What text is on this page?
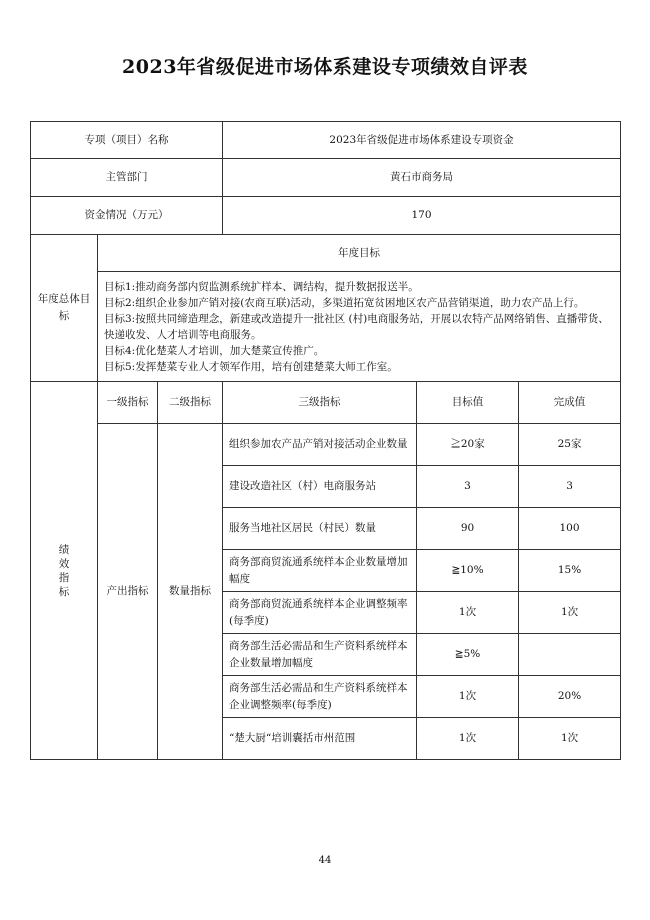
2023年省级促进市场体系建设专项绩效自评表
专项（项目）名称			2023年省级促进市场体系建设专项资金		
主管部门			黄石市商务局		
资金情况（万元）			170		
年度总体目标	年度目标				

	目标1:推动商务部内贸监测系统扩样本、调结构，提升数据报送半。
目标2:组织企业参加产销对接(农商互联)活动，多渠道拓宽贫困地区农产品营销渠道，助力农产品上行。
目标3:按照共同缔造理念，新建或改造提升一批社区 (村)电商服务站，开展以农特产品网络销售、直播带货、快递收发、人才培训等电商服务。
目标4:优化楚菜人才培训，加大楚菜宣传推广。
目标5:发挥楚菜专业人才领军作用，培有创建楚菜大师工作室。				

绩效指标	一级指标	二级指标	三级指标	目标值	完成值
	产出指标	数量指标	组织参加农产品产销对接活动企业数量	≧20家	25家
			建设改造社区（村）电商服务站	3	3
			服务当地社区居民（村民）数量	90	100
			商务部商贸流通系统样本企业数量增加幅度	≧10%	15%
			商务部商贸流通系统样本企业调整频率(每季度)	1次	1次
			商务部生活必需品和生产资料系统样本企业数量增加幅度	≧5%	
			商务部生活必需品和生产资料系统样本企业调整频率(每季度)	1次	20%
			“楚大厨“培训囊括市州范围	1次	1次
44
